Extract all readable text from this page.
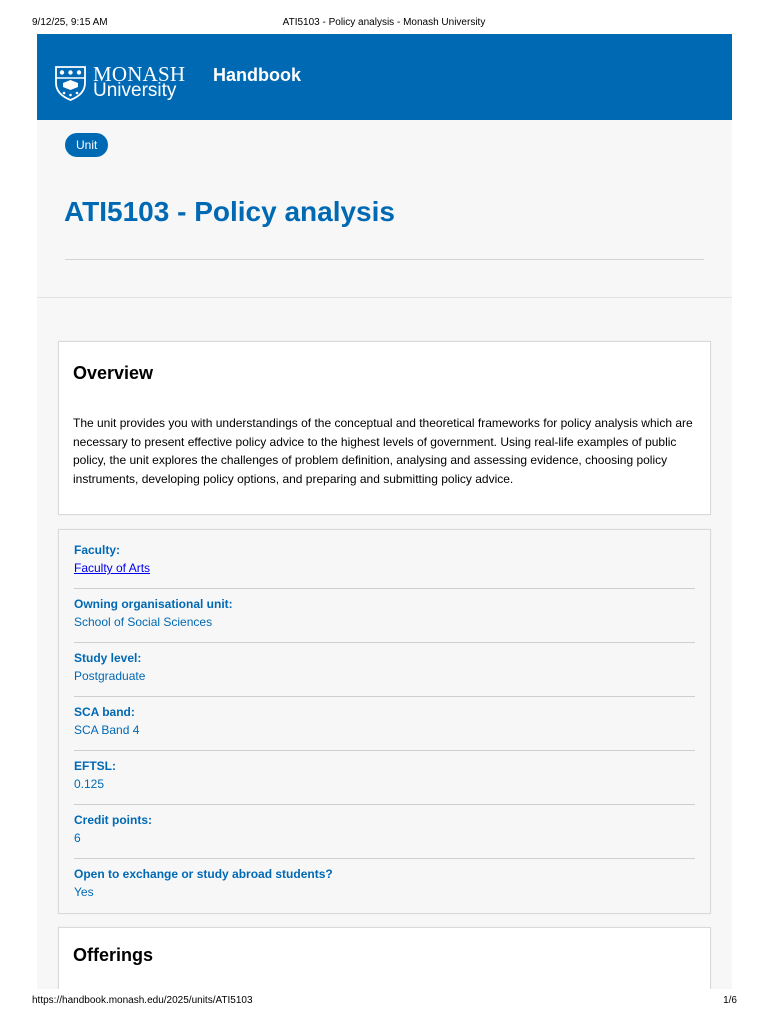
9/12/25, 9:15 AM	ATI5103 - Policy analysis - Monash University
MONASH
University
Handbook
Unit
ATI5103 - Policy analysis
Overview

The unit provides you with understandings of the conceptual and theoretical frameworks for policy analysis which are necessary to present effective policy advice to the highest levels of government. Using real-life examples of public policy, the unit explores the challenges of problem definition, analysing and assessing evidence, choosing policy instruments, developing policy options, and preparing and submitting policy advice.

Faculty:
Faculty of Arts
Owning organisational unit:
School of Social Sciences
Study level:
Postgraduate
SCA band:
SCA Band 4
EFTSL:
0.125
Credit points:
6
Open to exchange or study abroad students?
Yes
Offerings
https://handbook.monash.edu/2025/units/ATI5103	1/6
